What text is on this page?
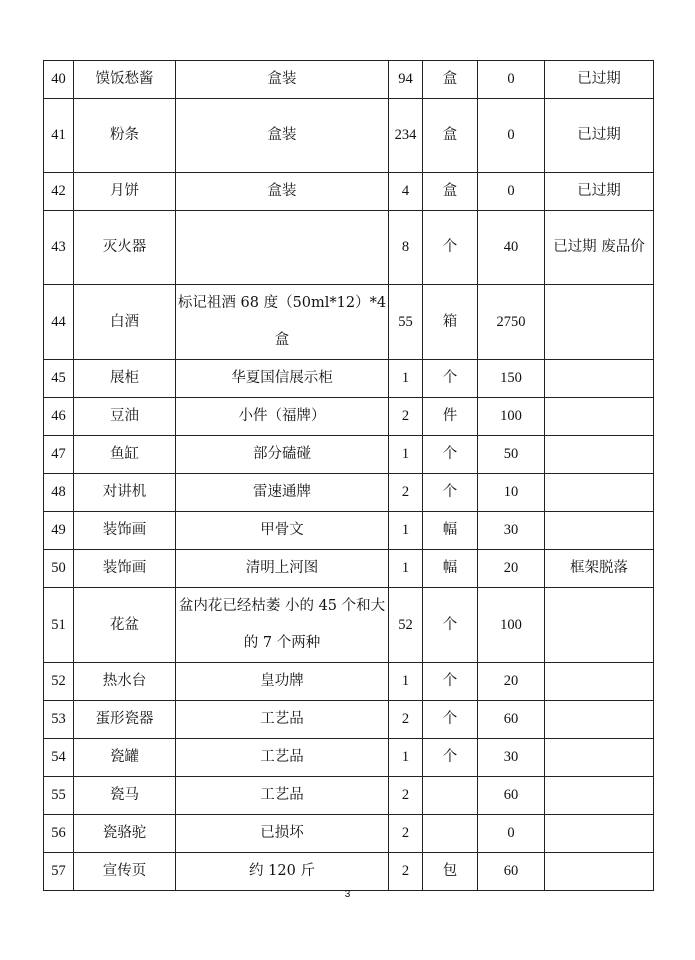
40	馍饭愁酱	盒装	94	盒	0	已过期
41	粉条	盒装	234	盒	0	已过期
42	月饼	盒装	4	盒	0	已过期
43	灭火器		8	个	40	已过期 废品价
44	白酒	标记祖酒 68 度（50ml*12）*4 盒	55	箱	2750	
45	展柜	华夏国信展示柜	1	个	150	
46	豆油	小件（福牌）	2	件	100	
47	鱼缸	部分磕碰	1	个	50	
48	对讲机	雷速通牌	2	个	10	
49	装饰画	甲骨文	1	幅	30	
50	装饰画	清明上河图	1	幅	20	框架脱落
51	花盆	盆内花已经枯萎 小的 45 个和大的 7 个两种	52	个	100	
52	热水台	皇功牌	1	个	20	
53	蛋形瓷器	工艺品	2	个	60	
54	瓷罐	工艺品	1	个	30	
55	瓷马	工艺品	2		60	
56	瓷骆驼	已损坏	2		0	
57	宣传页	约 120 斤	2	包	60	
3
